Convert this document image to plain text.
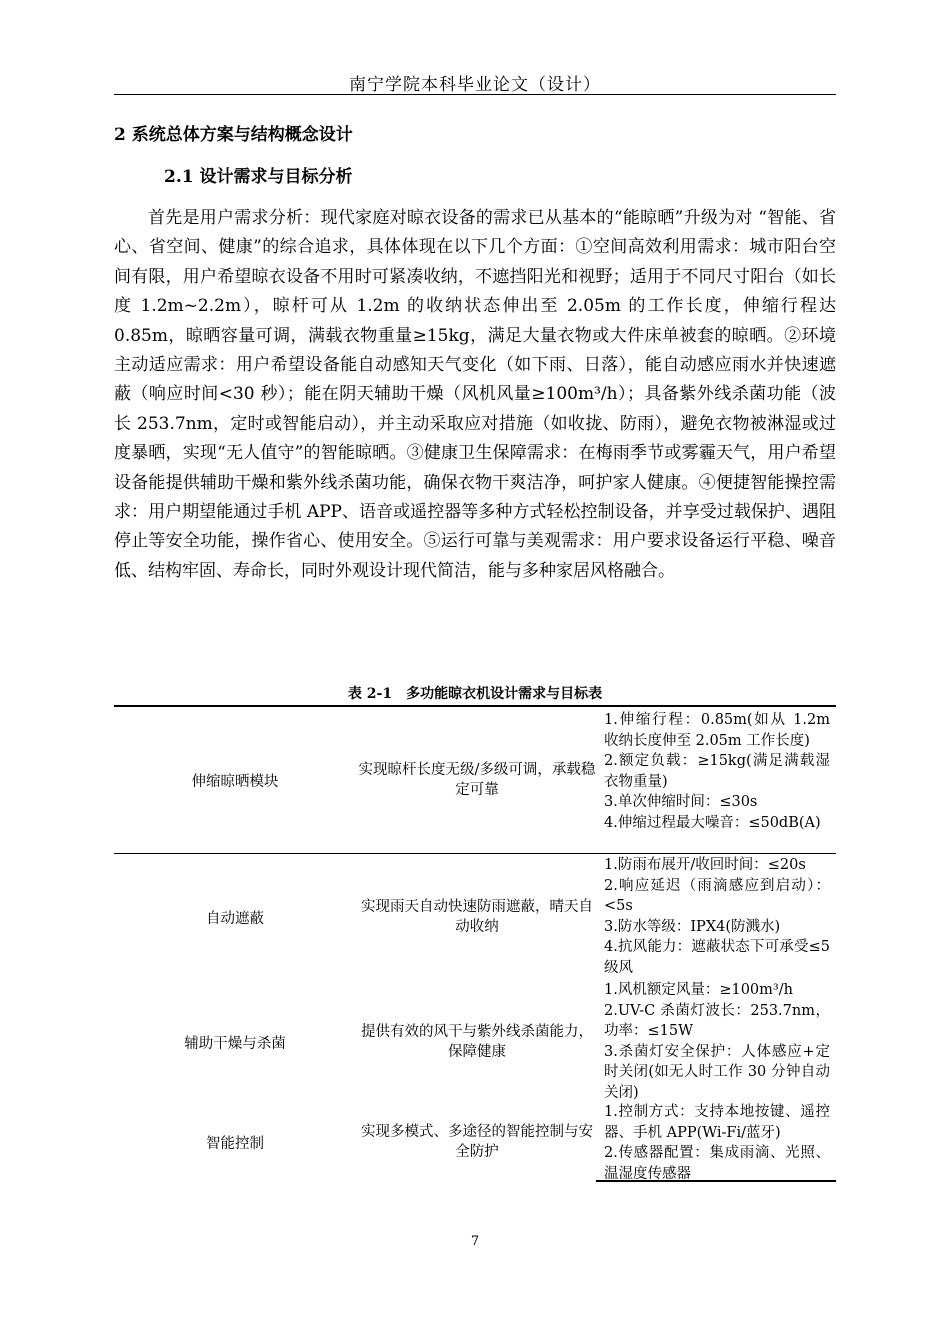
南宁学院本科毕业论文（设计）
2 系统总体方案与结构概念设计
2.1 设计需求与目标分析

首先是用户需求分析：现代家庭对晾衣设备的需求已从基本的“能晾晒”升级为对 “智能、省心、省空间、健康”的综合追求，具体体现在以下几个方面：①空间高效利用需求：城市阳台空间有限，用户希望晾衣设备不用时可紧凑收纳，不遮挡阳光和视野；适用于不同尺寸阳台（如长度 1.2m~2.2m），晾杆可从 1.2m 的收纳状态伸出至 2.05m 的工作长度，伸缩行程达 0.85m，晾晒容量可调，满载衣物重量≥15kg，满足大量衣物或大件床单被套的晾晒。②环境主动适应需求：用户希望设备能自动感知天气变化（如下雨、日落），能自动感应雨水并快速遮蔽（响应时间<30 秒）；能在阴天辅助干燥（风机风量≥100m³/h）；具备紫外线杀菌功能（波长 253.7nm，定时或智能启动），并主动采取应对措施（如收拢、防雨），避免衣物被淋湿或过度暴晒，实现“无人值守”的智能晾晒。③健康卫生保障需求：在梅雨季节或雾霾天气，用户希望设备能提供辅助干燥和紫外线杀菌功能，确保衣物干爽洁净，呵护家人健康。④便捷智能操控需求：用户期望能通过手机 APP、语音或遥控器等多种方式轻松控制设备，并享受过载保护、遇阻停止等安全功能，操作省心、使用安全。⑤运行可靠与美观需求：用户要求设备运行平稳、噪音低、结构牢固、寿命长，同时外观设计现代简洁，能与多种家居风格融合。

表 2-1　多功能晾衣机设计需求与目标表
伸缩晾晒模块
实现晾杆长度无级/多级可调，承载稳定可靠
1.伸缩行程：0.85m(如从 1.2m 收纳长度伸至 2.05m 工作长度)
2.额定负载：≥15kg(满足满载湿衣物重量)
3.单次伸缩时间：≤30s
4.伸缩过程最大噪音：≤50dB(A)
自动遮蔽
实现雨天自动快速防雨遮蔽，晴天自动收纳
1.防雨布展开/收回时间：≤20s
2.响应延迟（雨滴感应到启动）：<5s
3.防水等级：IPX4(防溅水)
4.抗风能力：遮蔽状态下可承受≤5 级风
辅助干燥与杀菌
提供有效的风干与紫外线杀菌能力，保障健康
1.风机额定风量：≥100m³/h
2.UV-C 杀菌灯波长：253.7nm，功率：≤15W
3.杀菌灯安全保护：人体感应+定时关闭(如无人时工作 30 分钟自动关闭)
智能控制
实现多模式、多途径的智能控制与安全防护
1.控制方式：支持本地按键、遥控器、手机 APP(Wi-Fi/蓝牙)
2.传感器配置：集成雨滴、光照、温湿度传感器
7
